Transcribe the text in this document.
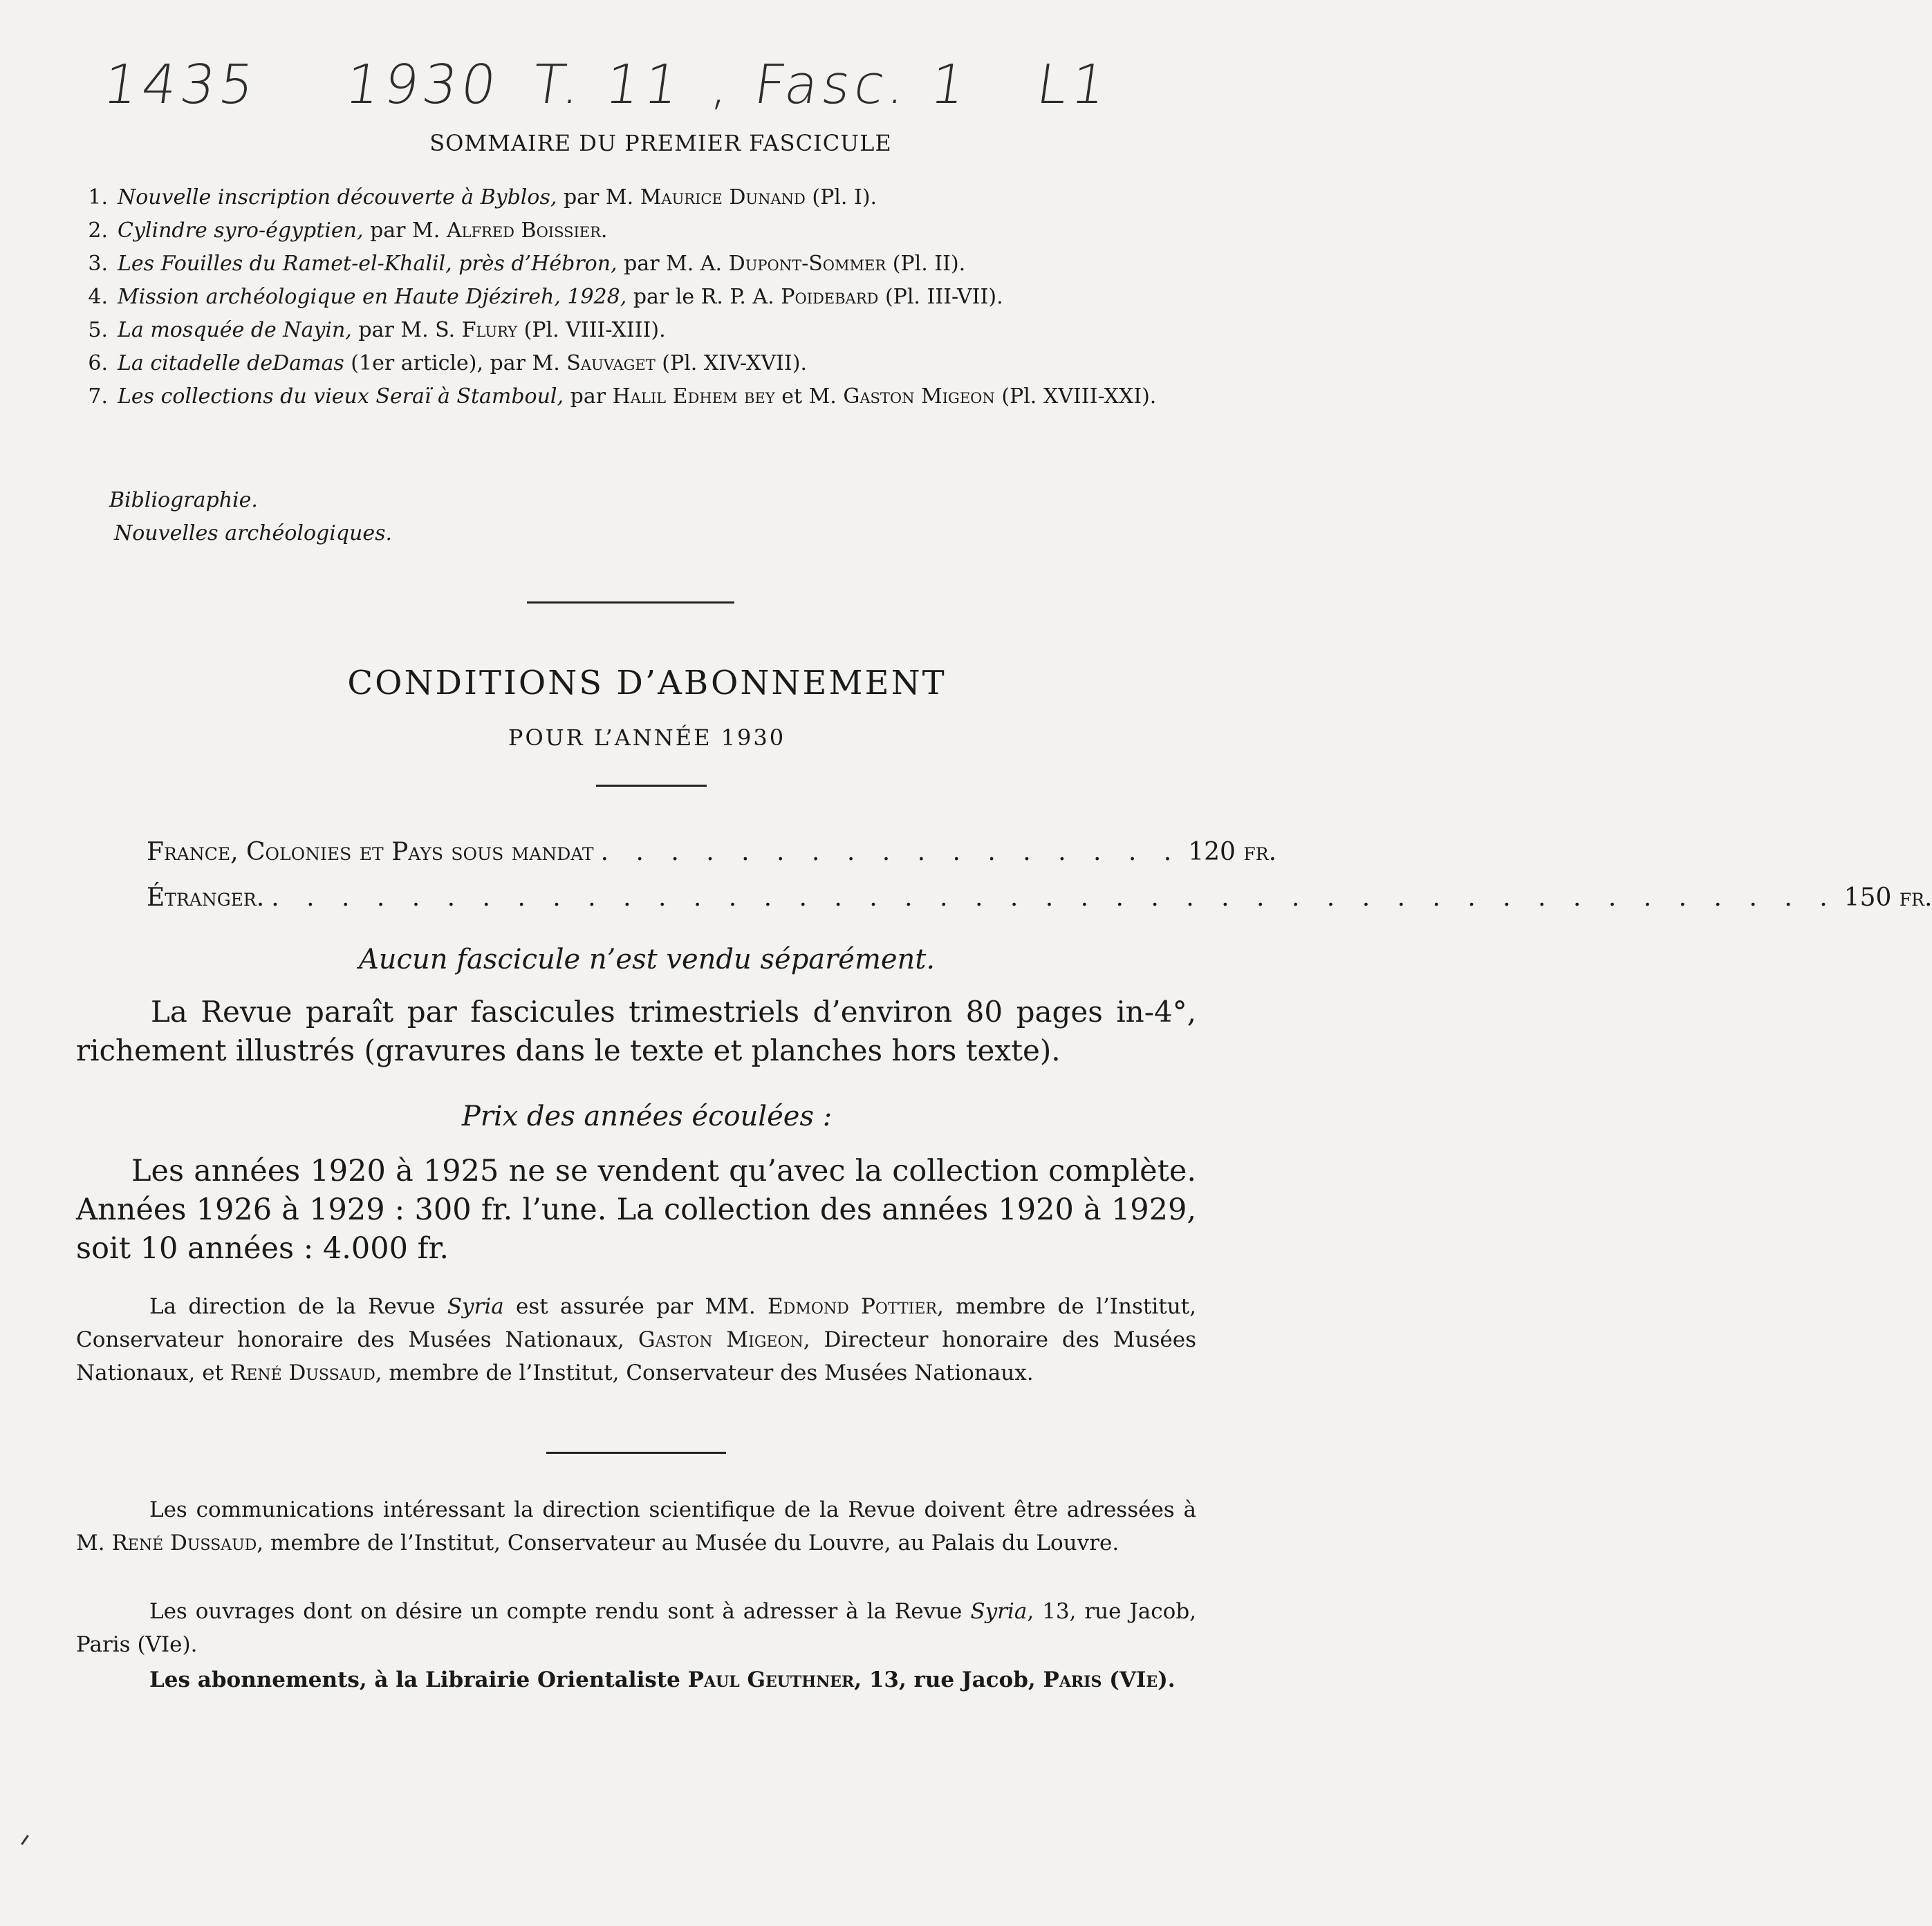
1435 1930 T. 11 , Fasc. 1 L1
SOMMAIRE DU PREMIER FASCICULE
1. Nouvelle inscription découverte à Byblos, par M. Maurice Dunand (Pl. I).
2. Cylindre syro-égyptien, par M. Alfred Boissier.
3. Les Fouilles du Ramet-el-Khalil, près d’Hébron, par M. A. Dupont-Sommer (Pl. II).
4. Mission archéologique en Haute Djézireh, 1928, par le R. P. A. Poidebard (Pl. III-VII).
5. La mosquée de Nayin, par M. S. Flury (Pl. VIII-XIII).
6. La citadelle deDamas (1er article), par M. Sauvaget (Pl. XIV-XVII).
7. Les collections du vieux Seraï à Stamboul, par Halil Edhem bey et M. Gaston Migeon (Pl. XVIII-XXI).
Bibliographie.
Nouvelles archéologiques.
CONDITIONS D’ABONNEMENT
POUR L’ANNÉE 1930
France, Colonies et Pays sous mandat . . . . . . . . . . . . . . . . . 120 fr.
Étranger. . . . . . . . . . . . . . . . . . . . . . . . . . . . . . . . . . . . . . . . . . . . . . 150 fr.
Aucun fascicule n’est vendu séparément.
La Revue paraît par fascicules trimestriels d’environ 80 pages in-4°, richement illustrés (gravures dans le texte et planches hors texte).
Prix des années écoulées :
Les années 1920 à 1925 ne se vendent qu’avec la collection complète. Années 1926 à 1929 : 300 fr. l’une. La collection des années 1920 à 1929, soit 10 années : 4.000 fr.
La direction de la Revue Syria est assurée par MM. Edmond Pottier, membre de l’Institut, Conservateur honoraire des Musées Nationaux, Gaston Migeon, Directeur honoraire des Musées Nationaux, et René Dussaud, membre de l’Institut, Conservateur des Musées Nationaux.
Les communications intéressant la direction scientifique de la Revue doivent être adressées à M. René Dussaud, membre de l’Institut, Conservateur au Musée du Louvre, au Palais du Louvre.
Les ouvrages dont on désire un compte rendu sont à adresser à la Revue Syria, 13, rue Jacob, Paris (VIe).
Les abonnements, à la Librairie Orientaliste Paul Geuthner, 13, rue Jacob, Paris (VIe).
